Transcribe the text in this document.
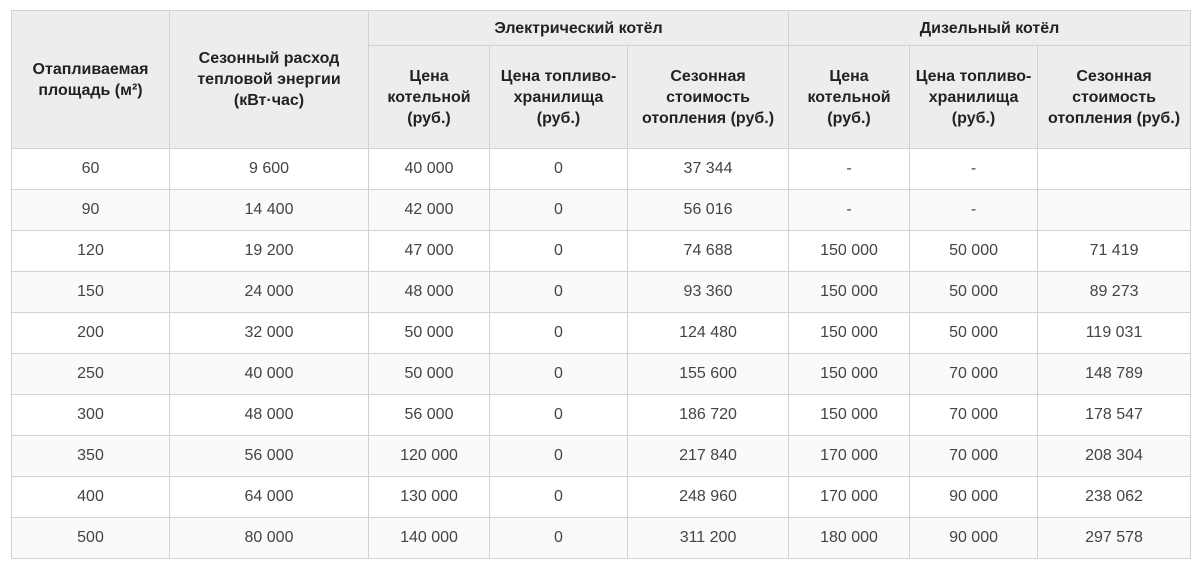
Отапливаемая площадь (м²)	Сезонный расход тепловой энергии (кВт·час)	Электрический котёл			Дизельный котёл		
		Цена котельной (руб.)	Цена топливо-хранилища (руб.)	Сезонная стоимость отопления (руб.)	Цена котельной (руб.)	Цена топливо-хранилища (руб.)	Сезонная стоимость отопления (руб.)
60	9 600	40 000	0	37 344	-	-	
90	14 400	42 000	0	56 016	-	-	
120	19 200	47 000	0	74 688	150 000	50 000	71 419
150	24 000	48 000	0	93 360	150 000	50 000	89 273
200	32 000	50 000	0	124 480	150 000	50 000	119 031
250	40 000	50 000	0	155 600	150 000	70 000	148 789
300	48 000	56 000	0	186 720	150 000	70 000	178 547
350	56 000	120 000	0	217 840	170 000	70 000	208 304
400	64 000	130 000	0	248 960	170 000	90 000	238 062
500	80 000	140 000	0	311 200	180 000	90 000	297 578
